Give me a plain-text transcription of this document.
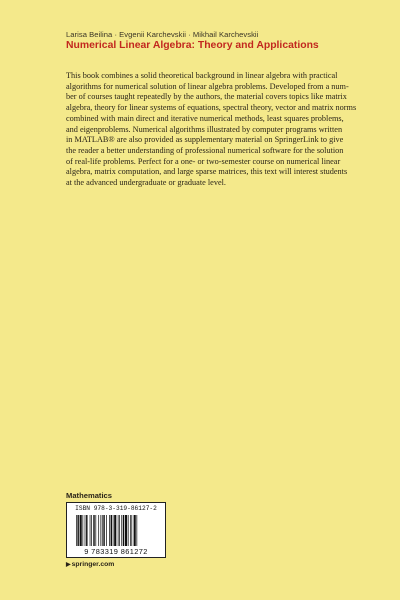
Larisa Beilina · Evgenii Karchevskii · Mikhail Karchevskii
Numerical Linear Algebra: Theory and Applications
This book combines a solid theoretical background in linear algebra with practical
algorithms for numerical solution of linear algebra problems. Developed from a num-
ber of courses taught repeatedly by the authors, the material covers topics like matrix
algebra, theory for linear systems of equations, spectral theory, vector and matrix norms
combined with main direct and iterative numerical methods, least squares problems,
and eigenproblems. Numerical algorithms illustrated by computer programs written
in MATLAB® are also provided as supplementary material on SpringerLink to give
the reader a better understanding of professional numerical software for the solution
of real-life problems. Perfect for a one- or two-semester course on numerical linear
algebra, matrix computation, and large sparse matrices, this text will interest students
at the advanced undergraduate or graduate level.
Mathematics
ISBN 978-3-319-86127-2
9 783319 861272
▶springer.com
